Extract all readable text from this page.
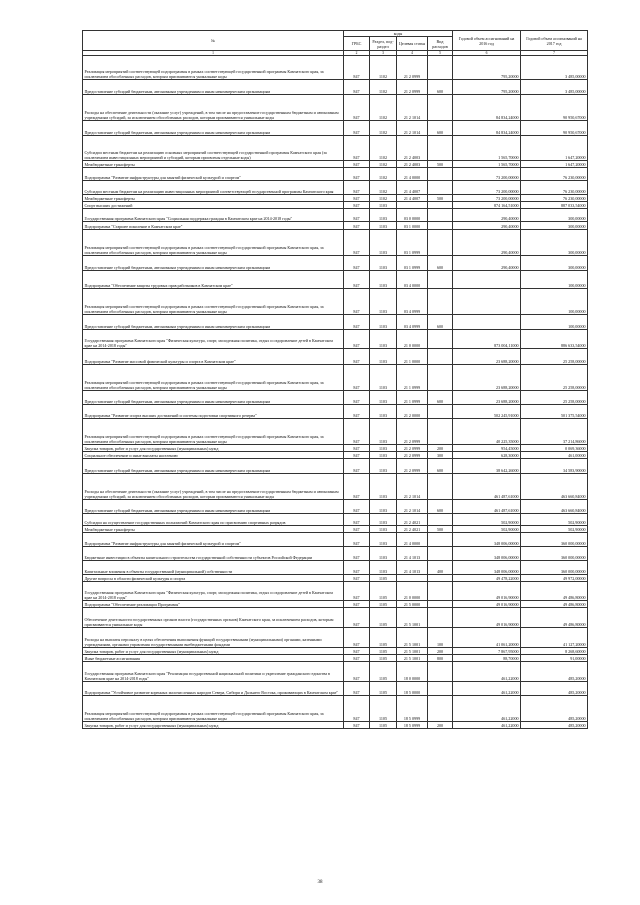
№	коды				Годовой объем ассигнований на 2016 год	Годовой объем ассигнований на 2017 год
	ГРБС	Раздел, под-раздел	Целевая статья	Вид расходов		
1	2	3	4	5	6	7
Реализация мероприятий соответствующей подпрограммы в рамках соответствующей государственной программы Камчатского края, за исключением обособленных расходов, которым присваиваются уникальные коды	847	1102	21 2 0999		795,20000	3 485,00000
Предоставление субсидий бюджетным, автономным учреждениям и иным некоммерческим организациям	847	1102	21 2 0999	600	795,20000	3 485,00000
Расходы на обеспечение деятельности (оказание услуг) учреждений, в том числе на предоставление государственным бюджетным и автономным учреждениям субсидий, за исключением обособленных расходов, которым присваиваются уникальные коды	847	1102	21 2 1014		84 834,24000	90 950,67000
Предоставление субсидий бюджетным, автономным учреждениям и иным некоммерческим организациям	847	1102	21 2 1014	600	84 834,24000	90 950,67000
Субсидии местным бюджетам на реализацию основных мероприятий соответствующей государственной программы Камчатского края (за исключением инвестиционных мероприятий и субсидий, которым присвоены отдельные коды)	847	1102	21 2 4003		1 565,70000	1 647,20000
Межбюджетные трансферты	847	1102	21 2 4003	500	1 565,70000	1 647,20000
Подпрограмма "Развитие инфраструктуры для занятий физической культурой и спортом"	847	1102	21 4 0000		73 200,00000	76 230,00000
Субсидии местным бюджетам на реализацию инвестиционных мероприятий соответствующей государственной программы Камчатского края	847	1102	21 4 4007		73 200,00000	76 230,00000
Межбюджетные трансферты	847	1102	21 4 4007	500	73 200,00000	76 230,00000
Спорт высших достижений	847	1103			874 164,51000	887 033,54000
Государственная программа Камчатского края "Социальная поддержка граждан в Камчатском крае на 2014-2018 годы"	847	1103	03 0 0000		290,40000	300,00000
Подпрограмма "Старшее поколение в Камчатском крае"	847	1103	03 1 0000		290,40000	300,00000
Реализация мероприятий соответствующей подпрограммы в рамках соответствующей государственной программы Камчатского края, за исключением обособленных расходов, которым присваиваются уникальные коды	847	1103	03 1 0999		290,40000	300,00000
Предоставление субсидий бюджетным, автономным учреждениям и иным некоммерческим организациям	847	1103	03 1 0999	600	290,40000	300,00000
Подпрограмма "Обеспечение защиты трудовых прав работников в Камчатском крае"	847	1103	03 4 0000			100,00000
Реализация мероприятий соответствующей подпрограммы в рамках соответствующей государственной программы Камчатского края, за исключением обособленных расходов, которым присваиваются уникальные коды	847	1103	03 4 0999			100,00000
Предоставление субсидий бюджетным, автономным учреждениям и иным некоммерческим организациям	847	1103	03 4 0999	600		100,00000
Государственная программа Камчатского края "Физическая культура, спорт, молодежная политика, отдых и оздоровление детей в Камчатском крае на 2014-2018 годы"	847	1103	21 0 0000		873 004,11000	886 633,54000
Подпрограмма "Развитие массовой физической культуры и спорта в Камчатском крае"	847	1103	21 1 0000		23 688,20000	25 258,00000
Реализация мероприятий соответствующей подпрограммы в рамках соответствующей государственной программы Камчатского края, за исключением обособленных расходов, которым присваиваются уникальные коды	847	1103	21 1 0999		23 688,20000	25 258,00000
Предоставление субсидий бюджетным, автономным учреждениям и иным некоммерческим организациям	847	1103	21 1 0999	600	23 688,20000	25 258,00000
Подпрограмма "Развитие спорта высших достижений и системы подготовки спортивного резерва"	847	1103	21 2 0000		502 245,91000	501 375,54000
Реализация мероприятий соответствующей подпрограммы в рамках соответствующей государственной программы Камчатского края, за исключением обособленных расходов, которым присваиваются уникальные коды	847	1103	21 2 0999		40 225,35000	37 214,86000
Закупка товаров, работ и услуг для государственных (муниципальных) нужд	847	1103	21 2 0999	200	954,45000	0 069,36000
Социальное обеспечение и иные выплаты населению	847	1103	21 2 0999	300	628,30000	461,00000
Предоставление субсидий бюджетным, автономным учреждениям и иным некоммерческим организациям	847	1103	21 2 0999	600	38 642,26000	34 583,90000
Расходы на обеспечение деятельности (оказание услуг) учреждений, в том числе на предоставление государственным бюджетным и автономным учреждениям субсидий, за исключением обособленных расходов, которым присваиваются уникальные коды	847	1103	21 2 1014		461 487,61000	463 660,84000
Предоставление субсидий бюджетным, автономным учреждениям и иным некоммерческим организациям	847	1103	21 2 1014	600	461 487,61000	463 660,84000
Субсидии на осуществление государственных полномочий Камчатского края по присвоению спортивных разрядов	847	1103	21 2 4021		502,90000	502,90000
Межбюджетные трансферты	847	1103	21 2 4021	500	502,90000	502,90000
Подпрограмма "Развитие инфраструктуры для занятий физической культурой и спортом"	847	1103	21 4 0000		348 006,00000	360 000,00000
Бюджетные инвестиции в объекты капитального строительства государственной собственности субъектов Российской Федерации	847	1103	21 4 1013		348 006,00000	360 000,00000
Капитальные вложения в объекты государственной (муниципальной) собственности	847	1103	21 4 1013	400	348 006,00000	360 000,00000
Другие вопросы в области физической культуры и спорта	847	1105			49 478,22000	49 972,00000
Государственная программа Камчатского края "Физическая культура, спорт, молодежная политика, отдых и оздоровление детей в Камчатском крае на 2014-2018 годы"	847	1105	21 0 0000		49 016,90000	49 486,80000
Подпрограмма "Обеспечение реализации Программы"	847	1105	21 5 0000		49 016,90000	49 486,80000
Обеспечение деятельности государственных органов власти (государственных органов) Камчатского края, за исключением расходов, которым присваиваются уникальные коды	847	1105	21 5 1001		49 016,90000	49 486,80000
Расходы на выплаты персоналу в целях обеспечения выполнения функций государственными (муниципальными) органами, казенными учреждениями, органами управления государственными внебюджетными фондами	847	1105	21 5 1001	100	41 061,20000	41 127,20000
Закупка товаров, работ и услуг для государственных (муниципальных) нужд	847	1105	21 5 1001	200	7 867,95000	8 268,60000
Иные бюджетные ассигнования	847	1105	21 5 1001	800	88,70000	91,00000
Государственная программа Камчатского края "Реализация государственной национальной политики и укрепление гражданского единства в Камчатском крае на 2014-2018 годы"	847	1105	18 0 0000		461,22000	485,20000
Подпрограмма "Устойчивое развитие коренных малочисленных народов Севера, Сибири и Дальнего Востока, проживающих в Камчатском крае"	847	1105	18 5 0000		461,22000	485,20000
Реализация мероприятий соответствующей подпрограммы в рамках соответствующей государственной программы Камчатского края, за исключением обособленных расходов, которым присваиваются уникальные коды	847	1105	18 5 0999		461,22000	485,20000
Закупка товаров, работ и услуг для государственных (муниципальных) нужд	847	1105	18 5 0999	200	461,22000	485,20000
38
